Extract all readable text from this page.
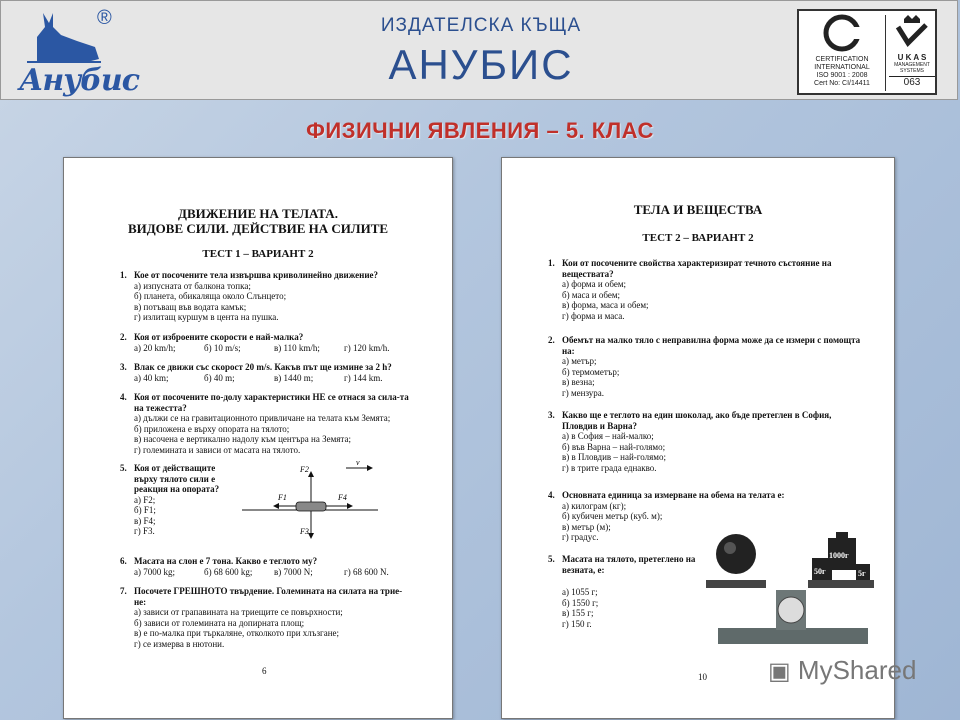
®
Анубис
ИЗДАТЕЛСКА КЪЩА
АНУБИС	CERTIFICATION
INTERNATIONAL
ISO 9001 : 2008
Cert No: CI/14411
U K A S
MANAGEMENT
SYSTEMS
063
ФИЗИЧНИ ЯВЛЕНИЯ – 5. КЛАС
ДВИЖЕНИЕ НА ТЕЛАТА.
ВИДОВЕ СИЛИ. ДЕЙСТВИЕ НА СИЛИТЕ
ТЕСТ 1 – ВАРИАНТ 2
1. Кое от посочените тела извършва криволинейно движение?
а) изпусната от балкона топка;
б) планета, обикаляща около Слънцето;
в) потъващ във водата камък;
г) излитащ куршум в цента на пушка.
2. Коя от изброените скорости е най-малка?
а) 20 km/h;	б) 10 m/s;	в) 110 km/h;	г) 120 km/h.
3. Влак се движи със скорост 20 m/s. Какъв път ще измине за 2 h?
а) 40 km;	б) 40 m;	в) 1440 m;	г) 144 km.
4. Коя от посочените по-долу характеристики НЕ се отнася за сила-та на тежестта?
а) дължи се на гравитационното привличане на телата към Земята;
б) приложена е върху опората на тялото;
в) насочена е вертикално надолу към центъра на Земята;
г) големината и зависи от масата на тялото.
5. Коя от действащите върху тялото сили е реакция на опората?
а) F2;
б) F1;
в) F4;
г) F3.
F2
F3
F1	F4
v
6. Масата на слон е 7 тона. Какво е теглото му?
а) 7000 kg;	б) 68 600 kg;	в) 7000 N;	г) 68 600 N.
7. Посочете ГРЕШНОТО твърдение. Големината на силата на трие-не:
а) зависи от грапавината на триещите се повърхности;
б) зависи от големината на допирната площ;
в) е по-малка при търкаляне, отколкото при хлъзгане;
г) се измерва в нютони.
6
ТЕЛА И ВЕЩЕСТВА
ТЕСТ 2 – ВАРИАНТ 2
1. Кои от посочените свойства характеризират течното състояние на веществата?
а) форма и обем;
б) маса и обем;
в) форма, маса и обем;
г) форма и маса.
2. Обемът на малко тяло с неправилна форма може да се измери с помощта на:
а) метър;
б) термометър;
в) везна;
г) мензура.
3. Какво ще е теглото на един шоколад, ако бъде претеглен в София, Пловдив и Варна?
а) в София – най-малко;
б) във Варна – най-голямо;
в) в Пловдив – най-голямо;
г) в трите града еднакво.
4. Основната единица за измерване на обема на телата е:
а) килограм (кг);
б) кубичен метър (куб. м);
в) метър (м);
г) градус.
5. Масата на тялото, претеглено на везната, е:
а) 1055 г;
б) 1550 г;
в) 155 г;
г) 150 г.
50г
1000г
5г
10	▣ MyShared
